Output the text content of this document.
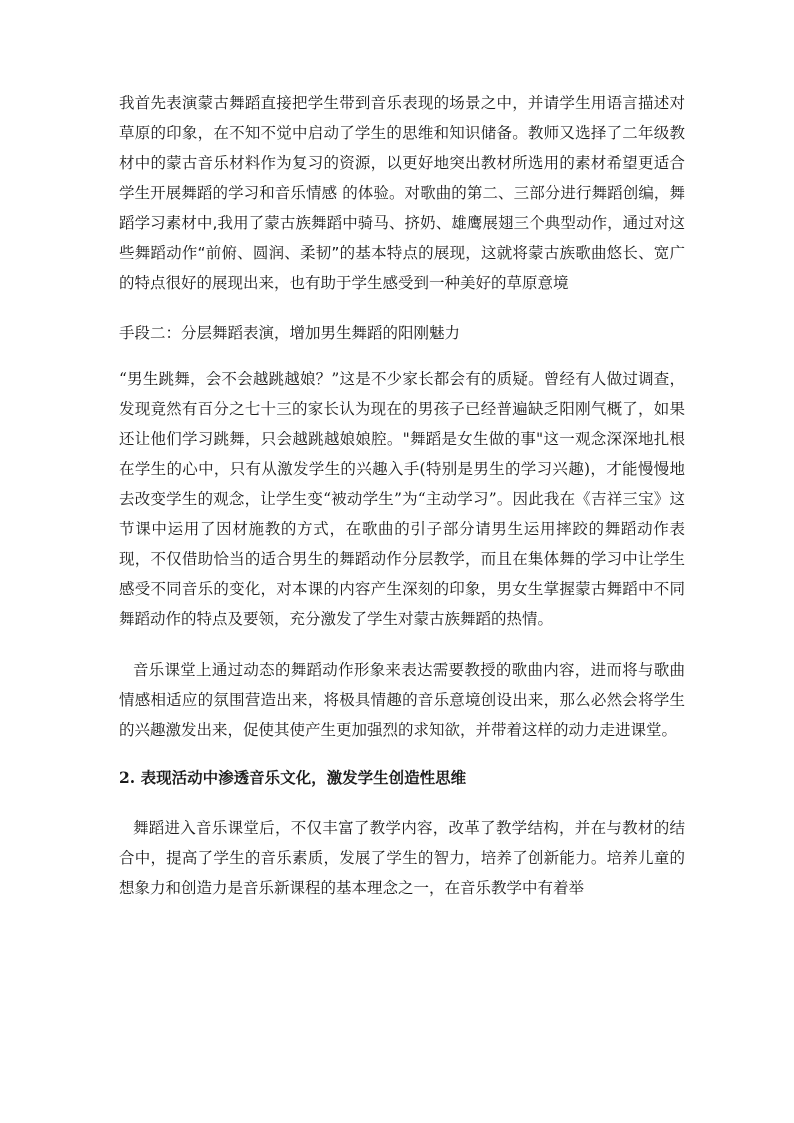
我首先表演蒙古舞蹈直接把学生带到音乐表现的场景之中，并请学生用语言描述对草原的印象，在不知不觉中启动了学生的思维和知识储备。教师又选择了二年级教材中的蒙古音乐材料作为复习的资源，以更好地突出教材所选用的素材希望更适合学生开展舞蹈的学习和音乐情感 的体验。对歌曲的第二、三部分进行舞蹈创编，舞蹈学习素材中,我用了蒙古族舞蹈中骑马、挤奶、雄鹰展翅三个典型动作，通过对这些舞蹈动作“前俯、圆润、柔韧”的基本特点的展现，这就将蒙古族歌曲悠长、宽广的特点很好的展现出来，也有助于学生感受到一种美好的草原意境

手段二：分层舞蹈表演，增加男生舞蹈的阳刚魅力

“男生跳舞，会不会越跳越娘？”这是不少家长都会有的质疑。曾经有人做过调查，发现竟然有百分之七十三的家长认为现在的男孩子已经普遍缺乏阳刚气概了，如果还让他们学习跳舞，只会越跳越娘娘腔。"舞蹈是女生做的事"这一观念深深地扎根在学生的心中，只有从激发学生的兴趣入手(特别是男生的学习兴趣)，才能慢慢地去改变学生的观念，让学生变“被动学生”为“主动学习”。因此我在《吉祥三宝》这节课中运用了因材施教的方式，在歌曲的引子部分请男生运用摔跤的舞蹈动作表现，不仅借助恰当的适合男生的舞蹈动作分层教学，而且在集体舞的学习中让学生感受不同音乐的变化，对本课的内容产生深刻的印象，男女生掌握蒙古舞蹈中不同舞蹈动作的特点及要领，充分激发了学生对蒙古族舞蹈的热情。

音乐课堂上通过动态的舞蹈动作形象来表达需要教授的歌曲内容，进而将与歌曲情感相适应的氛围营造出来，将极具情趣的音乐意境创设出来，那么必然会将学生的兴趣激发出来，促使其使产生更加强烈的求知欲，并带着这样的动力走进课堂。

2. 表现活动中渗透音乐文化，激发学生创造性思维

舞蹈进入音乐课堂后，不仅丰富了教学内容，改革了教学结构，并在与教材的结合中，提高了学生的音乐素质，发展了学生的智力，培养了创新能力。培养儿童的想象力和创造力是音乐新课程的基本理念之一，在音乐教学中有着举
